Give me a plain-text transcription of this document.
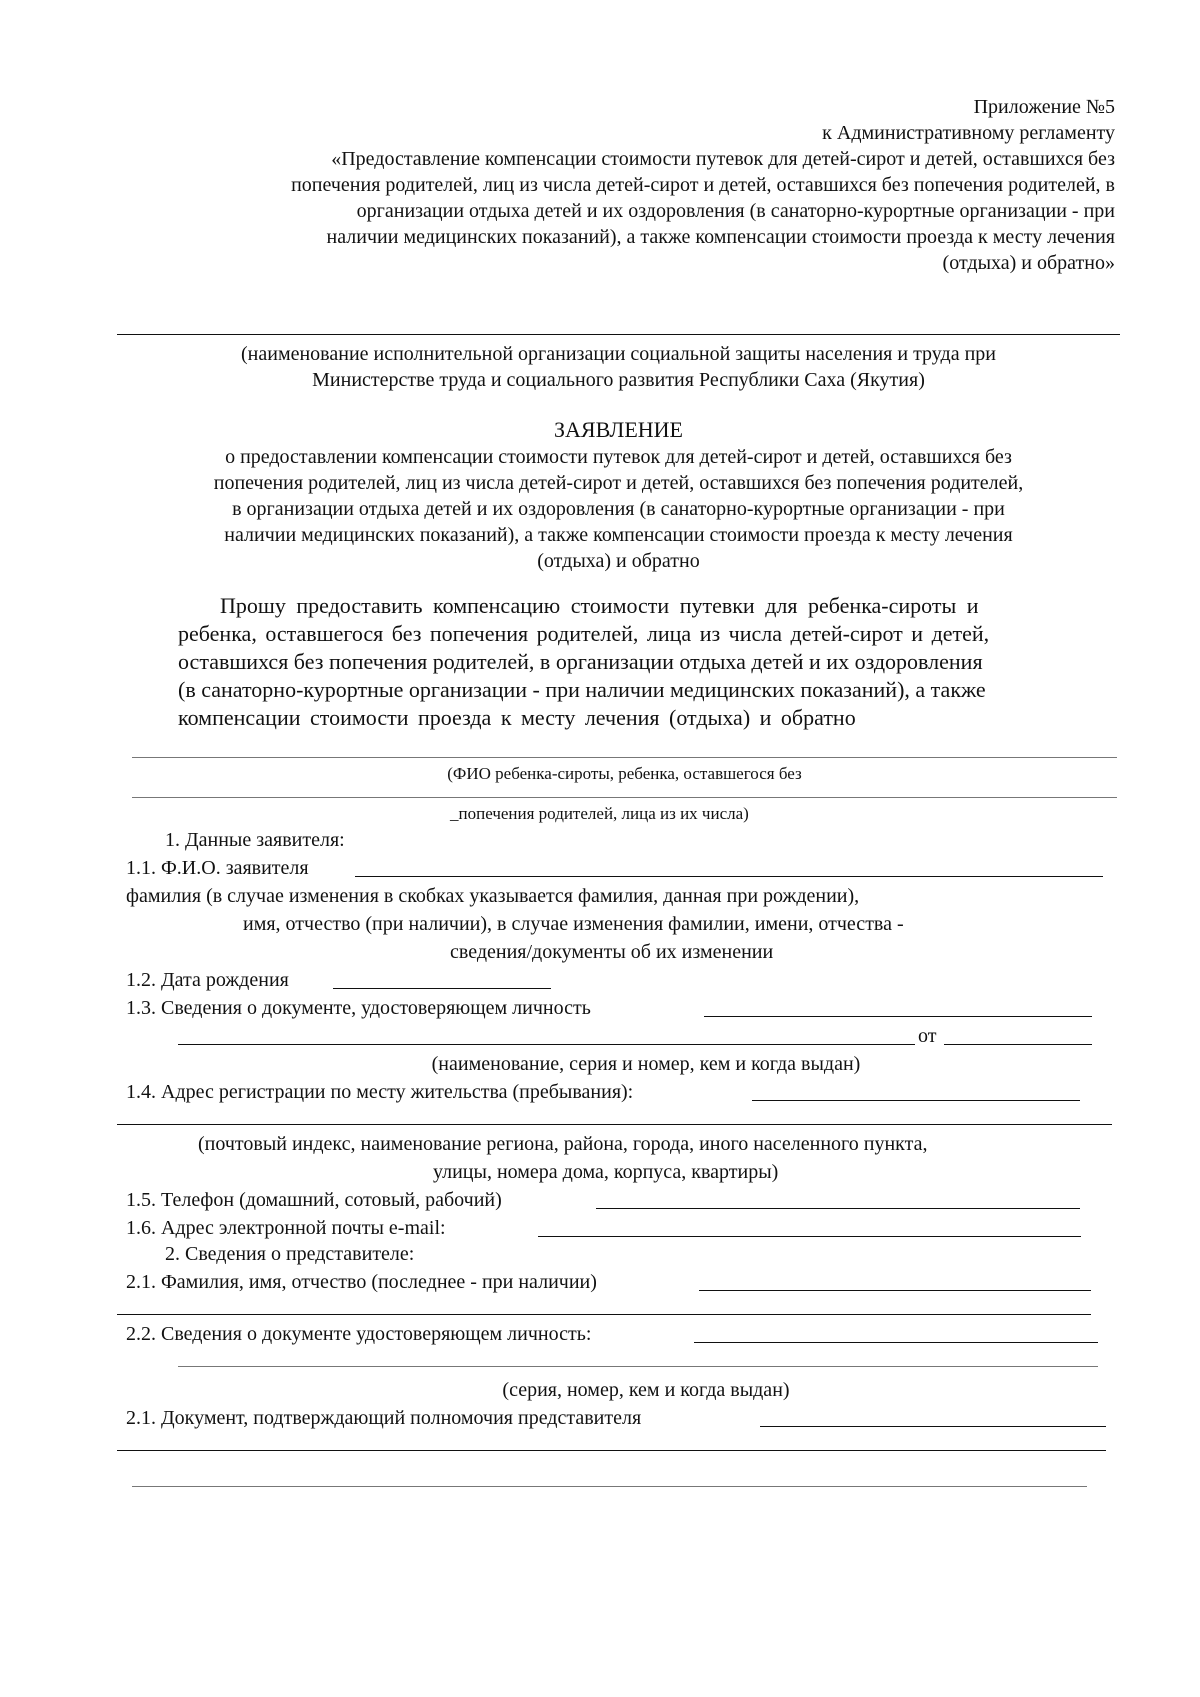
Приложение №5
к Административному регламенту
«Предоставление компенсации стоимости путевок для детей-сирот и детей, оставшихся без
попечения родителей, лиц из числа детей-сирот и детей, оставшихся без попечения родителей, в
организации отдыха детей и их оздоровления (в санаторно-курортные организации - при
наличии медицинских показаний), а также компенсации стоимости проезда к месту лечения
(отдыха) и обратно»
(наименование исполнительной организации социальной защиты населения и труда при
Министерстве труда и социального развития Республики Саха (Якутия)
ЗАЯВЛЕНИЕ
о предоставлении компенсации стоимости путевок для детей-сирот и детей, оставшихся без
попечения родителей, лиц из числа детей-сирот и детей, оставшихся без попечения родителей,
в организации отдыха детей и их оздоровления (в санаторно-курортные организации - при
наличии медицинских показаний), а также компенсации стоимости проезда к месту лечения
(отдыха) и обратно
Прошу предоставить компенсацию стоимости путевки для ребенка-сироты и
ребенка, оставшегося без попечения родителей, лица из числа детей-сирот и детей,
оставшихся без попечения родителей, в организации отдыха детей и их оздоровления
(в санаторно-курортные организации - при наличии медицинских показаний), а также
компенсации стоимости проезда к месту лечения (отдыха) и обратно
(ФИО ребенка-сироты, ребенка, оставшегося без
_попечения родителей, лица из их числа)
1. Данные заявителя:
1.1. Ф.И.О. заявителя
фамилия (в случае изменения в скобках указывается фамилия, данная при рождении),
имя, отчество (при наличии), в случае изменения фамилии, имени, отчества -
сведения/документы об их изменении
1.2. Дата рождения
1.3. Сведения о документе, удостоверяющем личность
от
(наименование, серия и номер, кем и когда выдан)
1.4. Адрес регистрации по месту жительства (пребывания):
(почтовый индекс, наименование региона, района, города, иного населенного пункта,
улицы, номера дома, корпуса, квартиры)
1.5. Телефон (домашний, сотовый, рабочий)
1.6. Адрес электронной почты e-mail:
2. Сведения о представителе:
2.1. Фамилия, имя, отчество (последнее - при наличии)
2.2. Сведения о документе удостоверяющем личность:
(серия, номер, кем и когда выдан)
2.1. Документ, подтверждающий полномочия представителя
